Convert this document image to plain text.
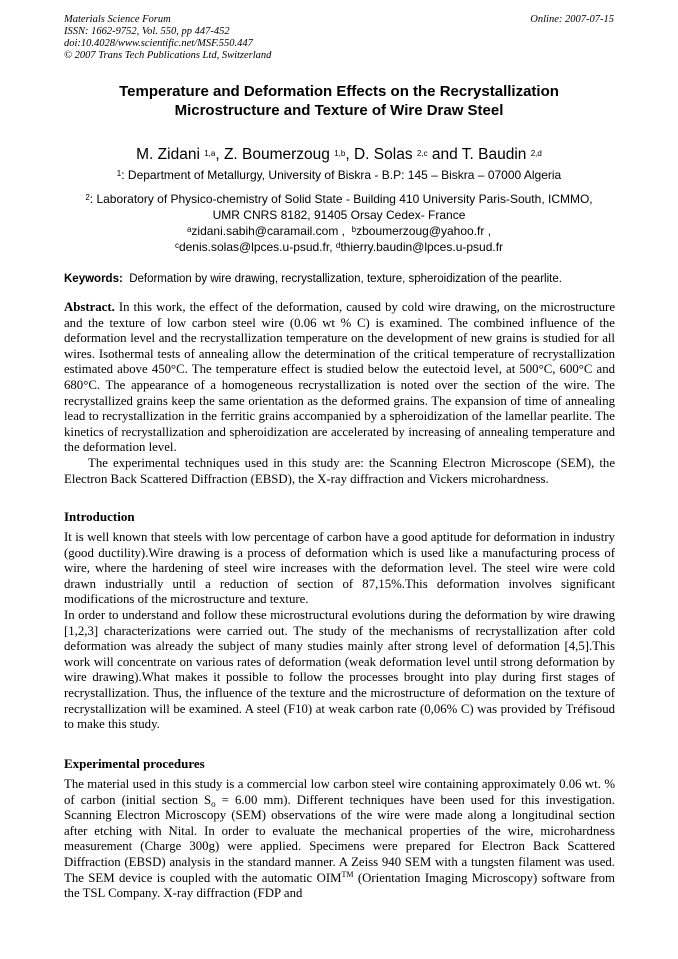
Materials Science Forum
ISSN: 1662-9752, Vol. 550, pp 447-452
doi:10.4028/www.scientific.net/MSF.550.447
© 2007 Trans Tech Publications Ltd, Switzerland
Online: 2007-07-15
Temperature and Deformation Effects on the Recrystallization
Microstructure and Texture of Wire Draw Steel
M. Zidani $^{1,a}$, Z. Boumerzoug $^{1,b}$, D. Solas $^{2,c}$ and T. Baudin $^{2,d}$
$^1$: Department of Metallurgy, University of Biskra - B.P: 145 – Biskra – 07000 Algeria
$^2$: Laboratory of Physico-chemistry of Solid State - Building 410 University Paris-South, ICMMO,
UMR CNRS 8182, 91405 Orsay Cedex- France
$^a$zidani.sabih@caramail.com , $^b$zboumerzoug@yahoo.fr ,
$^c$denis.solas@lpces.u-psud.fr, $^d$thierry.baudin@lpces.u-psud.fr
Keywords: Deformation by wire drawing, recrystallization, texture, spheroidization of the pearlite.

Abstract. In this work, the effect of the deformation, caused by cold wire drawing, on the microstructure and the texture of low carbon steel wire (0.06 wt % C) is examined. The combined influence of the deformation level and the recrystallization temperature on the development of new grains is studied for all wires. Isothermal tests of annealing allow the determination of the critical temperature of recrystallization estimated above 450°C. The temperature effect is studied below the eutectoid level, at 500°C, 600°C and 680°C. The appearance of a homogeneous recrystallization is noted over the section of the wire. The recrystallized grains keep the same orientation as the deformed grains. The expansion of time of annealing lead to recrystallization in the ferritic grains accompanied by a spheroidization of the lamellar pearlite. The kinetics of recrystallization and spheroidization are accelerated by increasing of annealing temperature and the deformation level.

The experimental techniques used in this study are: the Scanning Electron Microscope (SEM), the Electron Back Scattered Diffraction (EBSD), the X-ray diffraction and Vickers microhardness.

Introduction

It is well known that steels with low percentage of carbon have a good aptitude for deformation in industry (good ductility).Wire drawing is a process of deformation which is used like a manufacturing process of wire, where the hardening of steel wire increases with the deformation level. The steel wire were cold drawn industrially until a reduction of section of 87,15%.This deformation involves significant modifications of the microstructure and texture.

In order to understand and follow these microstructural evolutions during the deformation by wire drawing [1,2,3] characterizations were carried out. The study of the mechanisms of recrystallization after cold deformation was already the subject of many studies mainly after strong level of deformation [4,5].This work will concentrate on various rates of deformation (weak deformation level until strong deformation by wire drawing).What makes it possible to follow the processes brought into play during first stages of recrystallization. Thus, the influence of the texture and the microstructure of deformation on the texture of recrystallization will be examined. A steel (F10) at weak carbon rate (0,06% C) was provided by Tréfisoud to make this study.

Experimental procedures

The material used in this study is a commercial low carbon steel wire containing approximately 0.06 wt. % of carbon (initial section $S_o = 6.00$ mm). Different techniques have been used for this investigation. Scanning Electron Microscopy (SEM) observations of the wire were made along a longitudinal section after etching with Nital. In order to evaluate the mechanical properties of the wire, microhardness measurement (Charge 300g) were applied. Specimens were prepared for Electron Back Scattered Diffraction (EBSD) analysis in the standard manner. A Zeiss 940 SEM with a tungsten filament was used. The SEM device is coupled with the automatic OIM™ (Orientation Imaging Microscopy) software from the TSL Company. X-ray diffraction (FDP and
